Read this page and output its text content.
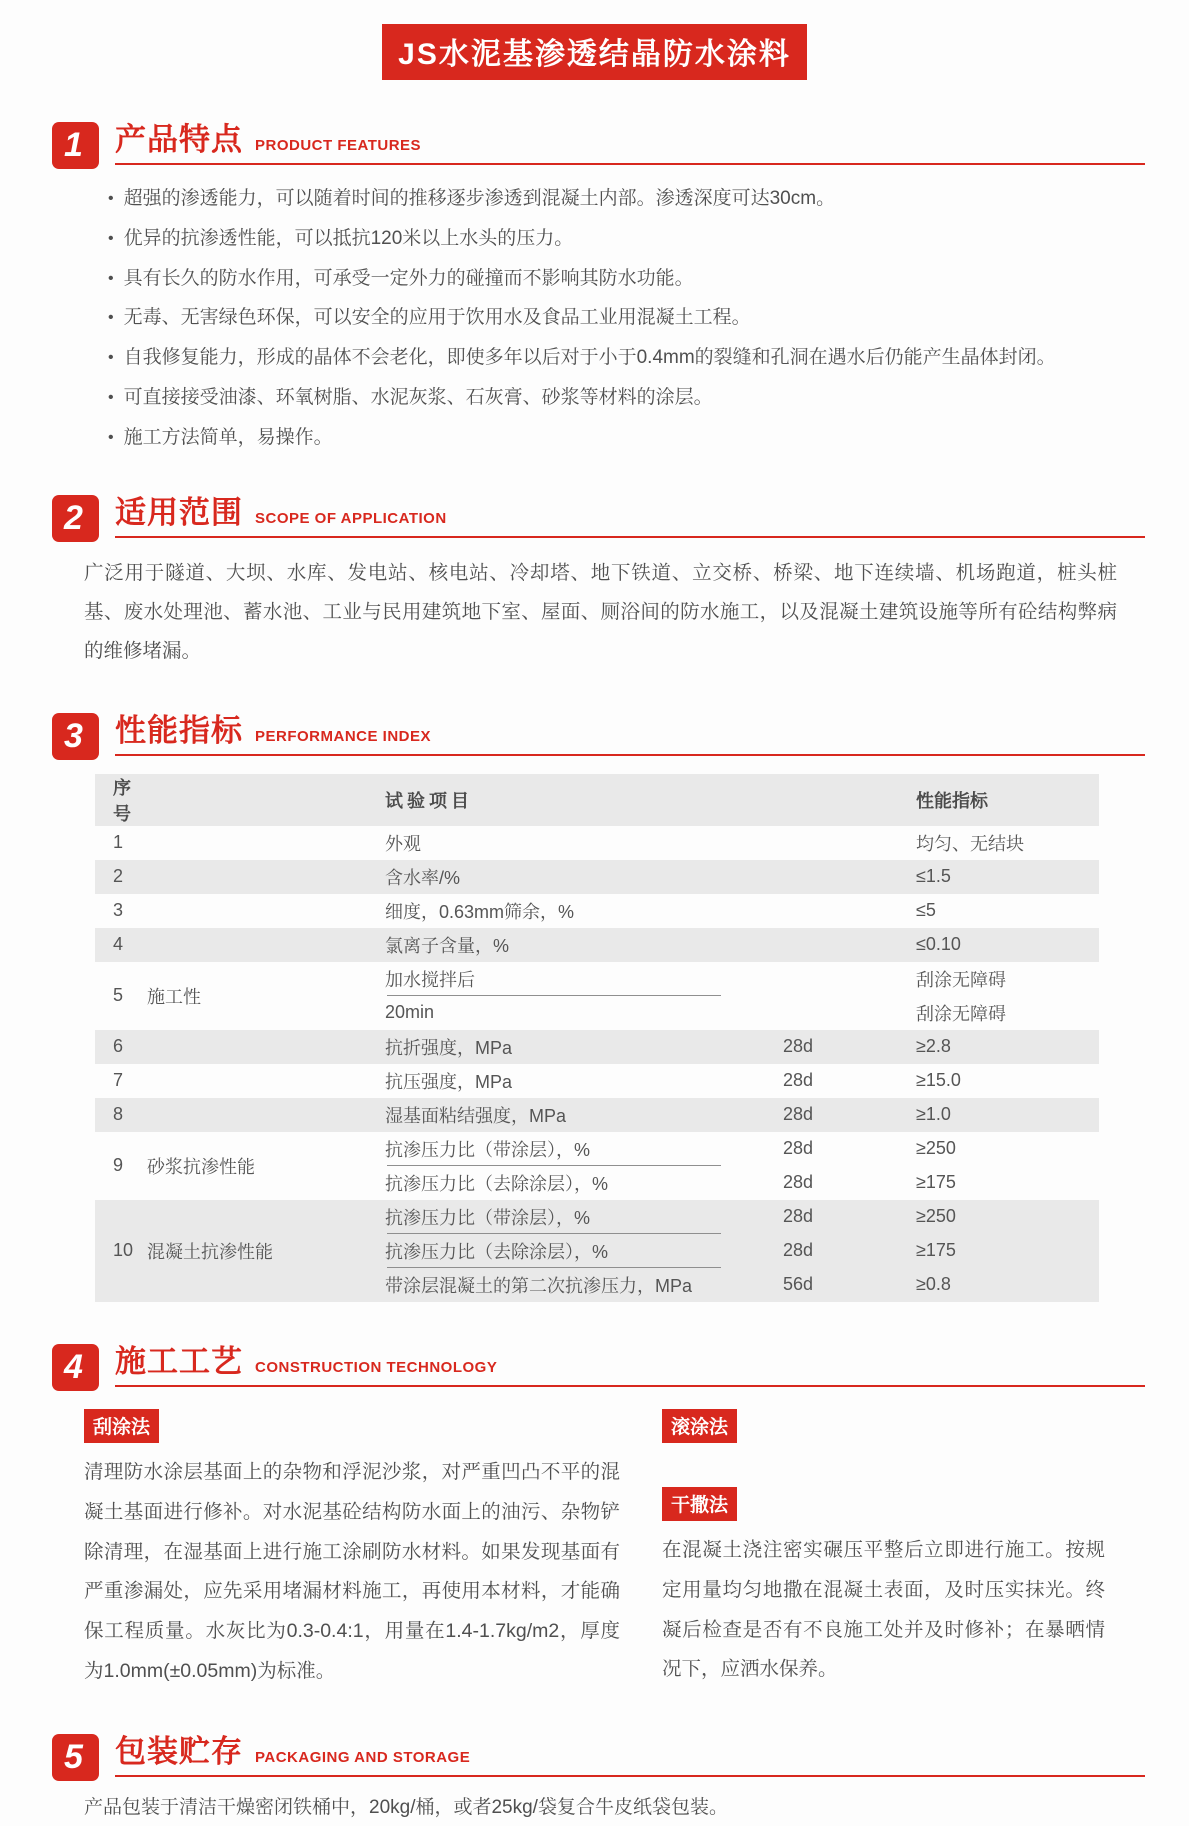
JS水泥基渗透结晶防水涂料
1	产品特点 PRODUCT FEATURES
• 超强的渗透能力，可以随着时间的推移逐步渗透到混凝土内部。渗透深度可达30cm。
• 优异的抗渗透性能，可以抵抗120米以上水头的压力。
• 具有长久的防水作用，可承受一定外力的碰撞而不影响其防水功能。
• 无毒、无害绿色环保，可以安全的应用于饮用水及食品工业用混凝土工程。
• 自我修复能力，形成的晶体不会老化，即使多年以后对于小于0.4mm的裂缝和孔洞在遇水后仍能产生晶体封闭。
• 可直接接受油漆、环氧树脂、水泥灰浆、石灰膏、砂浆等材料的涂层。
• 施工方法简单，易操作。
2	适用范围 SCOPE OF APPLICATION

广泛用于隧道、大坝、水库、发电站、核电站、冷却塔、地下铁道、立交桥、桥梁、地下连续墙、机场跑道，桩头桩基、废水处理池、蓄水池、工业与民用建筑地下室、屋面、厕浴间的防水施工，以及混凝土建筑设施等所有砼结构弊病的维修堵漏。

3	性能指标 PERFORMANCE INDEX
序号
试验项目	性能指标
1	外观	均匀、无结块
2	含水率/%	≤1.5
3	细度，0.63mm筛余，%	≤5
4	氯离子含量，%	≤0.10
5	施工性
加水搅拌后	刮涂无障碍
20min	刮涂无障碍
6	抗折强度，MPa	28d	≥2.8
7	抗压强度，MPa	28d	≥15.0
8	湿基面粘结强度，MPa	28d	≥1.0
9	砂浆抗渗性能
抗渗压力比（带涂层），%	28d	≥250
抗渗压力比（去除涂层），%	28d	≥175
10 混凝土抗渗性能
抗渗压力比（带涂层），%	28d	≥250
抗渗压力比（去除涂层），%	28d	≥175
带涂层混凝土的第二次抗渗压力，MPa	56d	≥0.8
4	施工工艺 CONSTRUCTION TECHNOLOGY
刮涂法
清理防水涂层基面上的杂物和浮泥沙浆，对严重凹凸不平的混凝土基面进行修补。对水泥基砼结构防水面上的油污、杂物铲除清理，在湿基面上进行施工涂刷防水材料。如果发现基面有严重渗漏处，应先采用堵漏材料施工，再使用本材料，才能确保工程质量。水灰比为0.3-0.4:1，用量在1.4-1.7kg/m2，厚度为1.0mm(±0.05mm)为标准。
滚涂法
干撒法
在混凝土浇注密实碾压平整后立即进行施工。按规定用量均匀地撒在混凝土表面，及时压实抹光。终凝后检查是否有不良施工处并及时修补；在暴晒情况下，应洒水保养。
5	包装贮存 PACKAGING AND STORAGE

产品包装于清洁干燥密闭铁桶中，20kg/桶，或者25kg/袋复合牛皮纸袋包装。
